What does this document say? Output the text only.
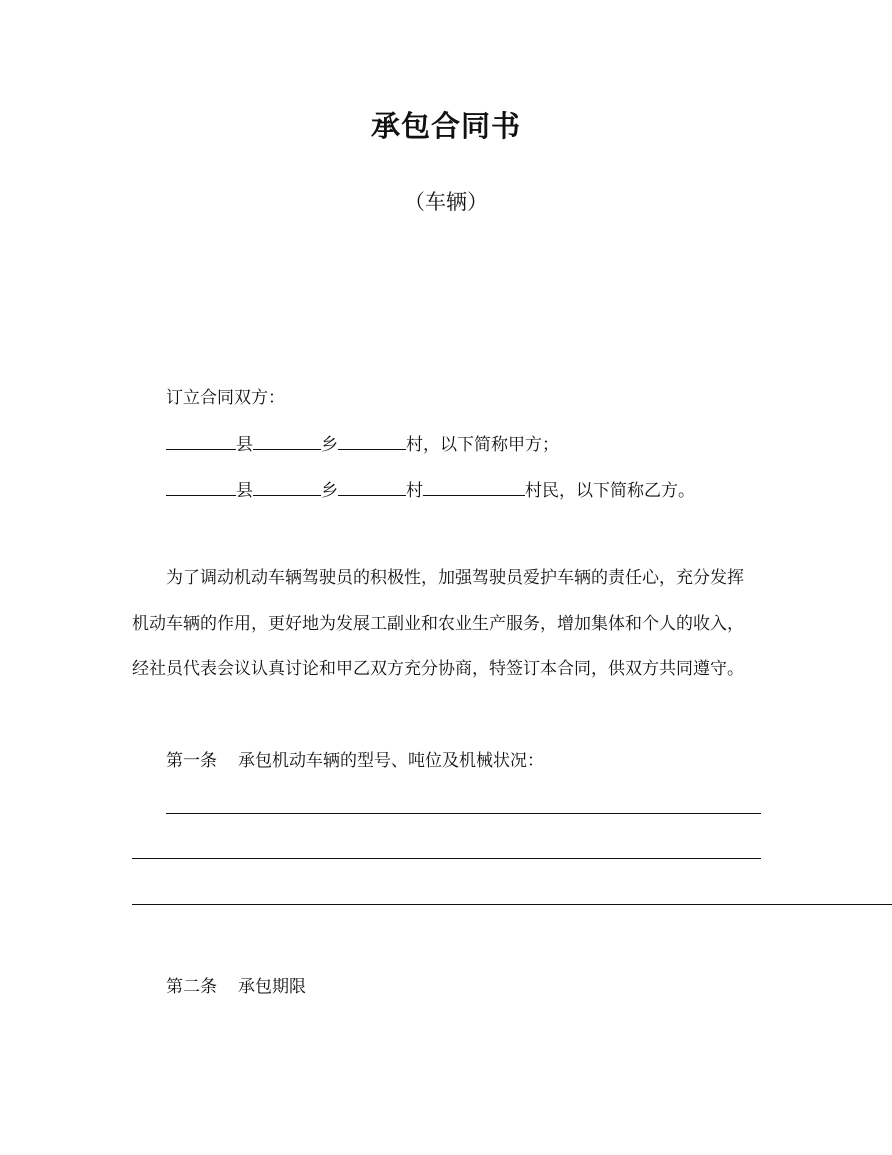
承包合同书
（车辆）
订立合同双方：
县	乡	村，以下简称甲方；
县	乡	村	村民，以下简称乙方。
为了调动机动车辆驾驶员的积极性，加强驾驶员爱护车辆的责任心，充分发挥
机动车辆的作用，更好地为发展工副业和农业生产服务，增加集体和个人的收入，
经社员代表会议认真讨论和甲乙双方充分协商，特签订本合同，供双方共同遵守。
第一条 承包机动车辆的型号、吨位及机械状况：
第二条 承包期限
